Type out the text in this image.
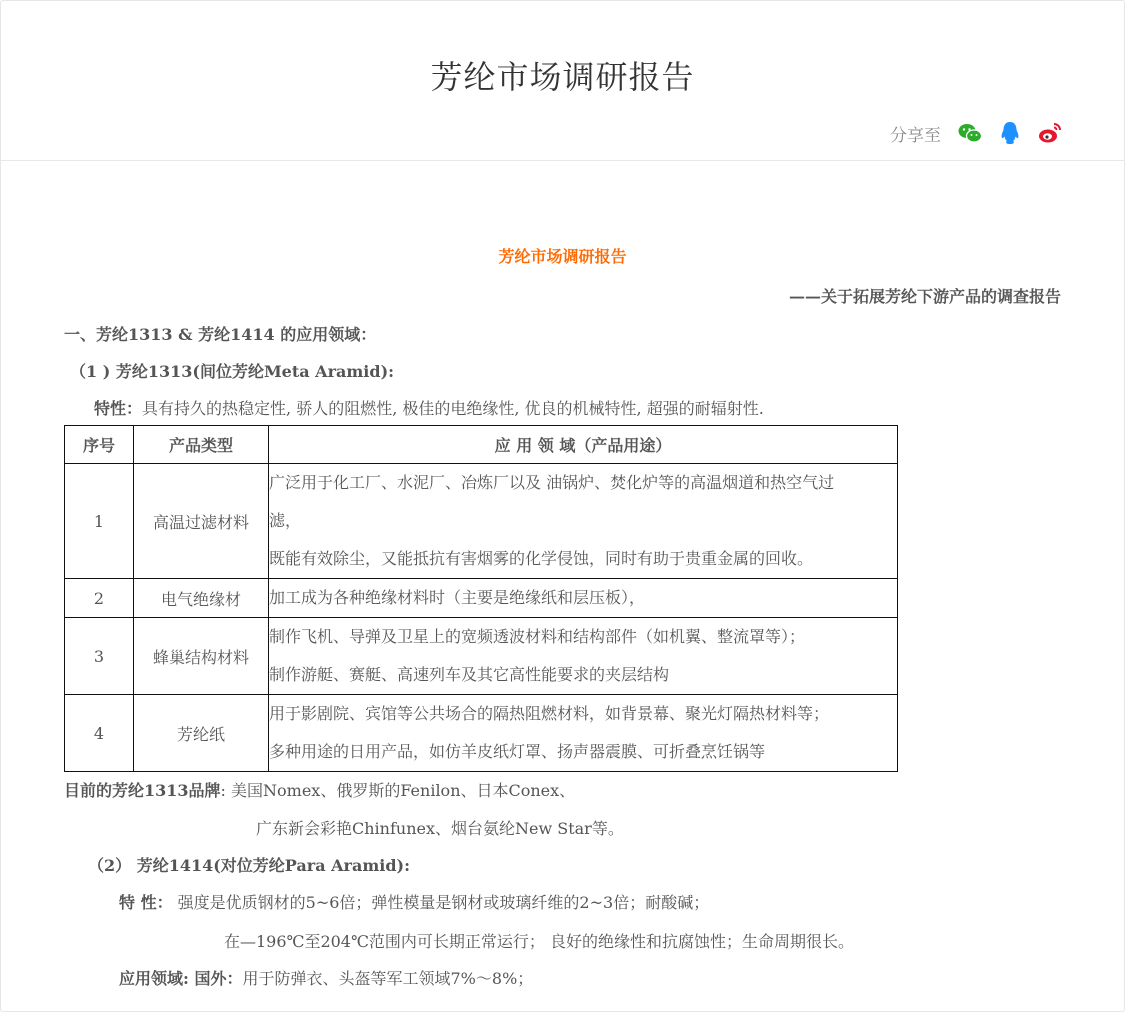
芳纶市场调研报告
分享至
芳纶市场调研报告
——关于拓展芳纶下游产品的调查报告
一、芳纶1313 & 芳纶1414 的应用领域：
（1 ) 芳纶1313(间位芳纶Meta Aramid):
特性：具有持久的热稳定性, 骄人的阻燃性, 极佳的电绝缘性, 优良的机械特性, 超强的耐辐射性.
序号	产品类型	应 用 领 域（产品用途）
1	高温过滤材料	广泛用于化工厂、水泥厂、冶炼厂以及 油锅炉、焚化炉等的高温烟道和热空气过
滤，
既能有效除尘，又能抵抗有害烟雾的化学侵蚀，同时有助于贵重金属的回收。

2	电气绝缘材	加工成为各种绝缘材料时（主要是绝缘纸和层压板），

3	蜂巢结构材料	制作飞机、导弹及卫星上的宽频透波材料和结构部件（如机翼、整流罩等）；
制作游艇、赛艇、高速列车及其它高性能要求的夹层结构

4	芳纶纸	用于影剧院、宾馆等公共场合的隔热阻燃材料，如背景幕、聚光灯隔热材料等；
多种用途的日用产品，如仿羊皮纸灯罩、扬声器震膜、可折叠烹饪锅等
目前的芳纶1313品牌: 美国Nomex、俄罗斯的Fenilon、日本Conex、
广东新会彩艳Chinfunex、烟台氨纶New Star等。
（2） 芳纶1414(对位芳纶Para Aramid):
特 性： 强度是优质钢材的5~6倍；弹性模量是钢材或玻璃纤维的2~3倍；耐酸碱；
在—196℃至204℃范围内可长期正常运行； 良好的绝缘性和抗腐蚀性；生命周期很长。
应用领域: 国外：用于防弹衣、头盔等军工领域7%～8%；
